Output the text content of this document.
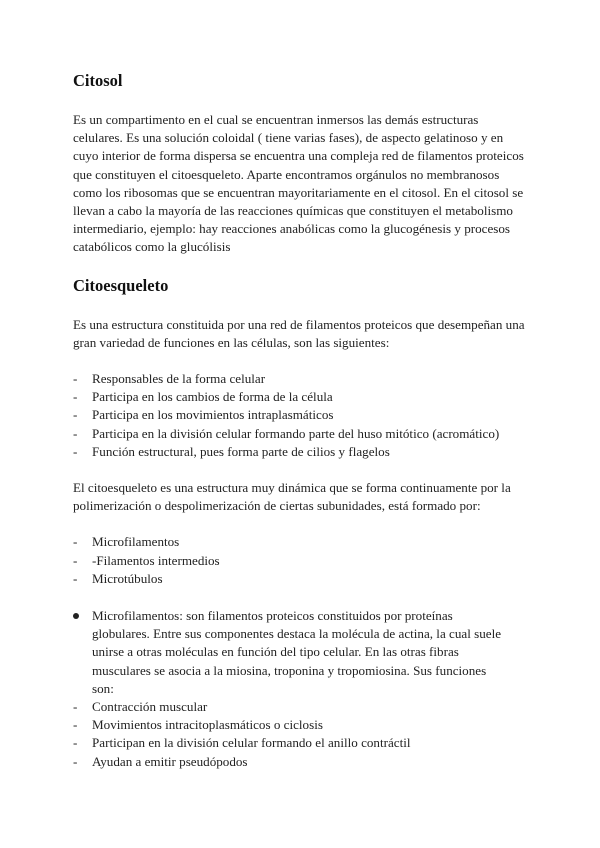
Citosol

Es un compartimento en el cual se encuentran inmersos las demás estructuras
celulares. Es una solución coloidal ( tiene varias fases), de aspecto gelatinoso y en
cuyo interior de forma dispersa se encuentra una compleja red de filamentos proteicos
que constituyen el citoesqueleto. Aparte encontramos orgánulos no membranosos
como los ribosomas que se encuentran mayoritariamente en el citosol. En el citosol se
llevan a cabo la mayoría de las reacciones químicas que constituyen el metabolismo
intermediario, ejemplo: hay reacciones anabólicas como la glucogénesis y procesos
catabólicos como la glucólisis

Citoesqueleto

Es una estructura constituida por una red de filamentos proteicos que desempeñan una
gran variedad de funciones en las células, son las siguientes:

- Responsables de la forma celular
- Participa en los cambios de forma de la célula
- Participa en los movimientos intraplasmáticos
- Participa en la división celular formando parte del huso mitótico (acromático)
- Función estructural, pues forma parte de cilios y flagelos

El citoesqueleto es una estructura muy dinámica que se forma continuamente por la
polimerización o despolimerización de ciertas subunidades, está formado por:

- Microfilamentos
- -Filamentos intermedios
- Microtúbulos

Microfilamentos: son filamentos proteicos constituidos por proteínas
globulares. Entre sus componentes destaca la molécula de actina, la cual suele
unirse a otras moléculas en función del tipo celular. En las otras fibras
musculares se asocia a la miosina, troponina y tropomiosina. Sus funciones
son:

- Contracción muscular
- Movimientos intracitoplasmáticos o ciclosis
- Participan en la división celular formando el anillo contráctil
- Ayudan a emitir pseudópodos
